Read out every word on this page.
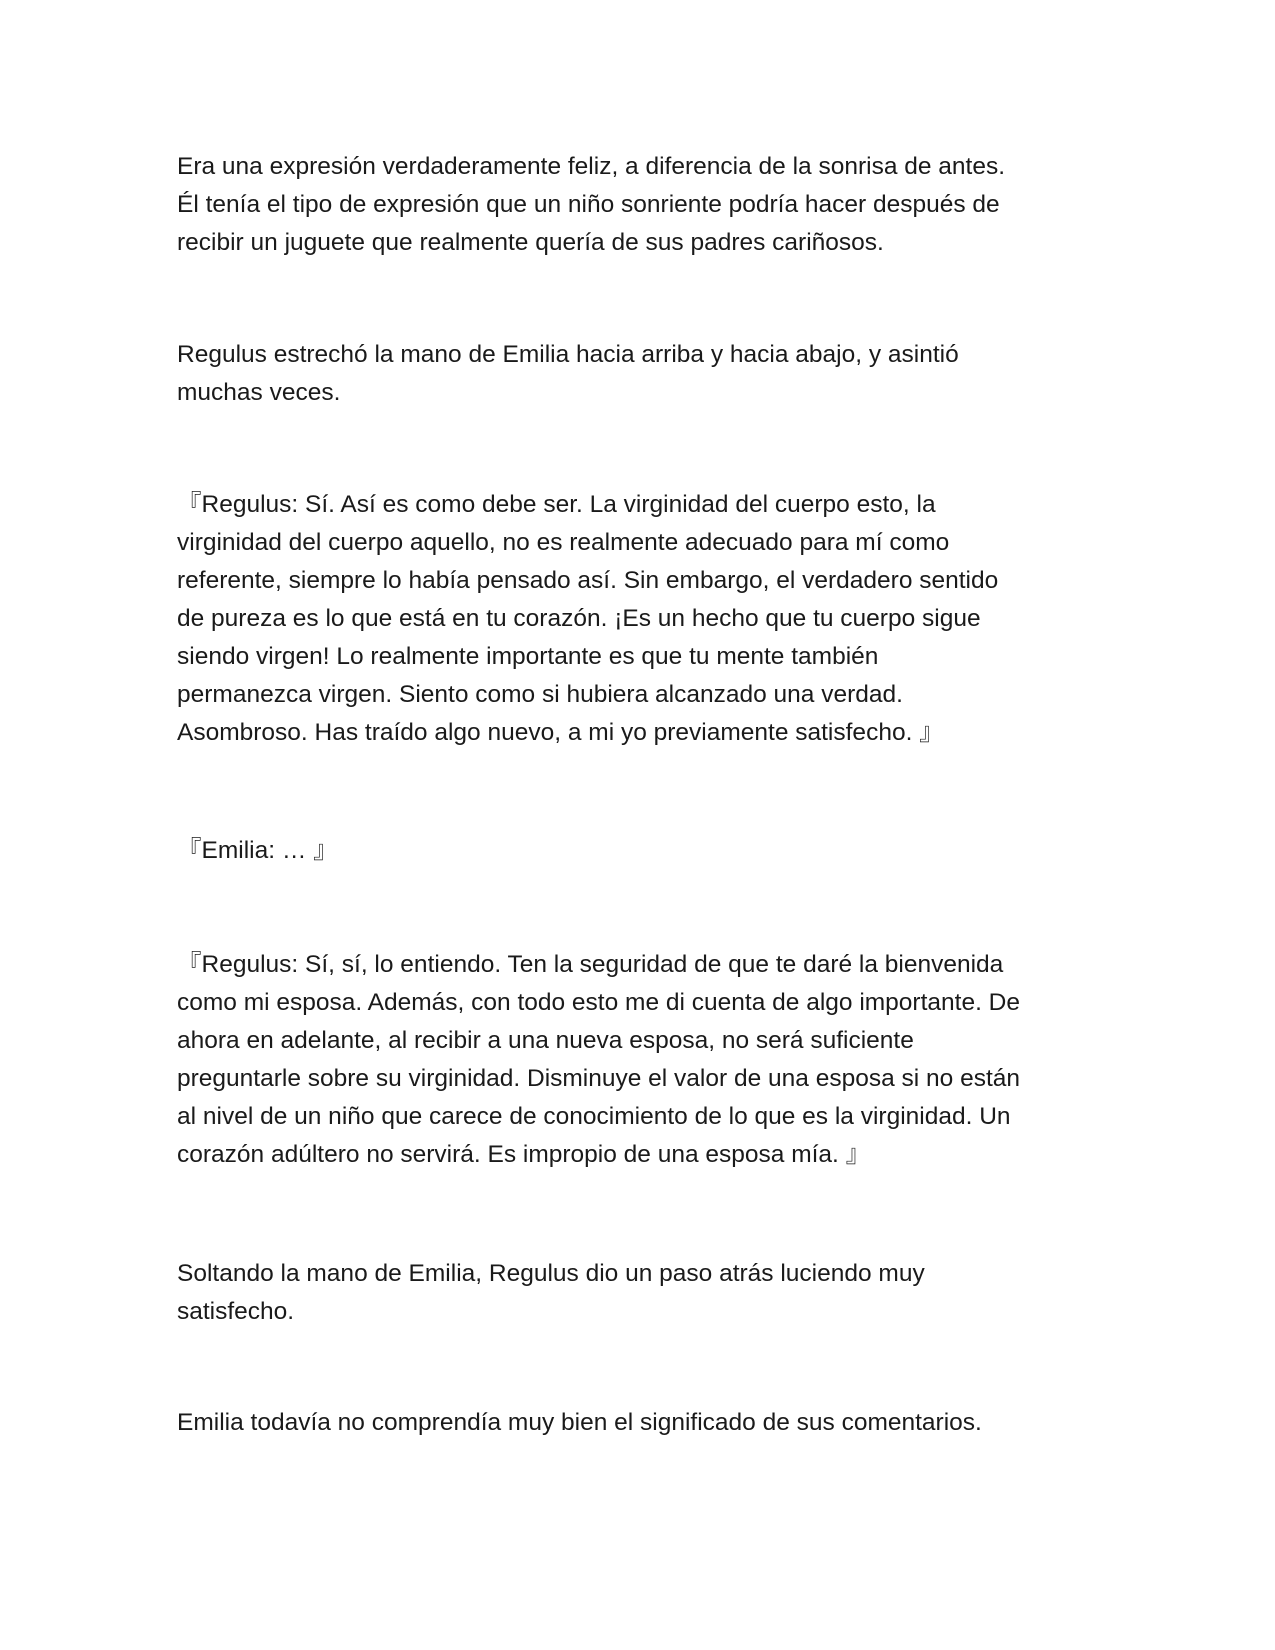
Era una expresión verdaderamente feliz, a diferencia de la sonrisa de antes.
Él tenía el tipo de expresión que un niño sonriente podría hacer después de
recibir un juguete que realmente quería de sus padres cariñosos.

Regulus estrechó la mano de Emilia hacia arriba y hacia abajo, y asintió
muchas veces.

『Regulus: Sí. Así es como debe ser. La virginidad del cuerpo esto, la
virginidad del cuerpo aquello, no es realmente adecuado para mí como
referente, siempre lo había pensado así. Sin embargo, el verdadero sentido
de pureza es lo que está en tu corazón. ¡Es un hecho que tu cuerpo sigue
siendo virgen! Lo realmente importante es que tu mente también
permanezca virgen. Siento como si hubiera alcanzado una verdad.
Asombroso. Has traído algo nuevo, a mi yo previamente satisfecho. 』

『Emilia: … 』

『Regulus: Sí, sí, lo entiendo. Ten la seguridad de que te daré la bienvenida
como mi esposa. Además, con todo esto me di cuenta de algo importante. De
ahora en adelante, al recibir a una nueva esposa, no será suficiente
preguntarle sobre su virginidad. Disminuye el valor de una esposa si no están
al nivel de un niño que carece de conocimiento de lo que es la virginidad. Un
corazón adúltero no servirá. Es impropio de una esposa mía. 』

Soltando la mano de Emilia, Regulus dio un paso atrás luciendo muy
satisfecho.

Emilia todavía no comprendía muy bien el significado de sus comentarios.
